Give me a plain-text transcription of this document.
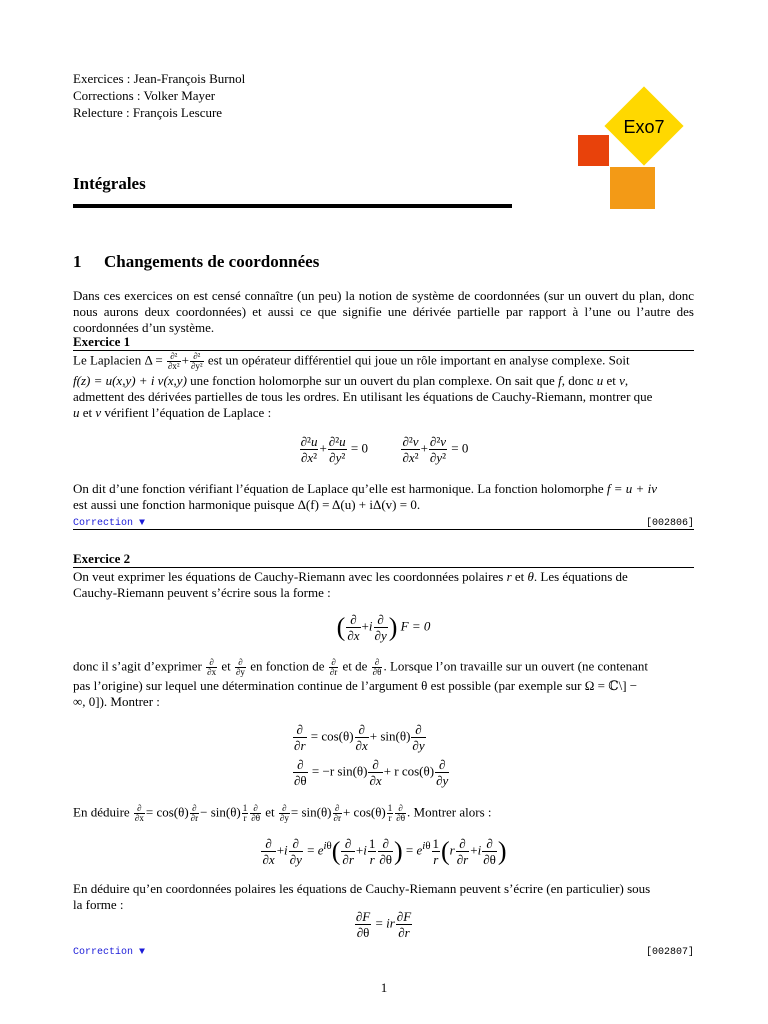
Exercices : Jean-François Burnol
Corrections : Volker Mayer
Relecture : François Lescure
Exo7
Intégrales
1 Changements de coordonnées
Dans ces exercices on est censé connaître (un peu) la notion de système de coordonnées (sur un ouvert du plan, donc nous aurons deux coordonnées) et aussi ce que signifie une dérivée partielle par rapport à l’une ou l’autre des coordonnées d’un système.
Exercice 1
Le Laplacien Δ = ∂²
∂x² + ∂²
∂y² est un opérateur différentiel qui joue un rôle important en analyse complexe. Soit
f(z) = u(x,y) + i v(x,y) une fonction holomorphe sur un ouvert du plan complexe. On sait que f, donc u et v,
admettent des dérivées partielles de tous les ordres. En utilisant les équations de Cauchy-Riemann, montrer que
u et v vérifient l’équation de Laplace :
$\frac{\text{∂²u}}{\text{∂x²}} + \frac{\text{∂²u}}{\text{∂y²}} = 0$	$\frac{\text{∂²v}}{\text{∂x²}} + \frac{\text{∂²v}}{\text{∂y²}} = 0$
On dit d’une fonction vérifiant l’équation de Laplace qu’elle est harmonique. La fonction holomorphe f = u + iv
est aussi une fonction harmonique puisque Δ(f) = Δ(u) + iΔ(v) = 0.
Correction ▼	[002806]
Exercice 2
On veut exprimer les équations de Cauchy-Riemann avec les coordonnées polaires r et θ. Les équations de
Cauchy-Riemann peuvent s’écrire sous la forme :
( $\frac{\partial}{\partial x} +i \frac{\partial}{\partial y}$ ) F = 0
donc il s’agit d’exprimer ∂
∂x et ∂
∂y en fonction de ∂
∂r et de ∂
∂θ . Lorsque l’on travaille sur un ouvert (ne contenant
pas l’origine) sur lequel une détermination continue de l’argument θ est possible (par exemple sur Ω = ℂ\] −
∞, 0]). Montrer :
$\frac{\partial}{\partial r} = \cos(\theta) \frac{\partial}{\partial x} + \sin(\theta) \frac{\partial}{\partial y}$
$\frac{\partial}{\partial\theta} = -r$ $\sin(\theta) \frac{\partial}{\partial x} + r$ $\cos(\theta) \frac{\partial}{\partial y}$
En déduire ∂
∂x = cos(θ) ∂
$\partial r - \sin(\theta) \frac{1}{r}$ ∂
∂θ et ∂
∂y = sin(θ) ∂
$\partial r + \cos(\theta) \frac{1}{r}$ ∂
∂θ . Montrer alors :
$\frac{\partial}{\partial x} +i \frac{\partial}{\partial y} = e^{i\theta}( \frac{\partial}{\partial r} +i \frac{1}{r} \frac{\partial}{\partial\theta}$ ) = $e^{i\theta} \frac{1}{r} (r \frac{\partial}{\partial r} +i \frac{\partial}{\partial\theta}$ )
En déduire qu’en coordonnées polaires les équations de Cauchy-Riemann peuvent s’écrire (en particulier) sous
la forme :
$\frac{\partial F}{\partial\theta}$ = ir $\frac{\partial F}{\partial r}$
Correction ▼	[002807]
1
